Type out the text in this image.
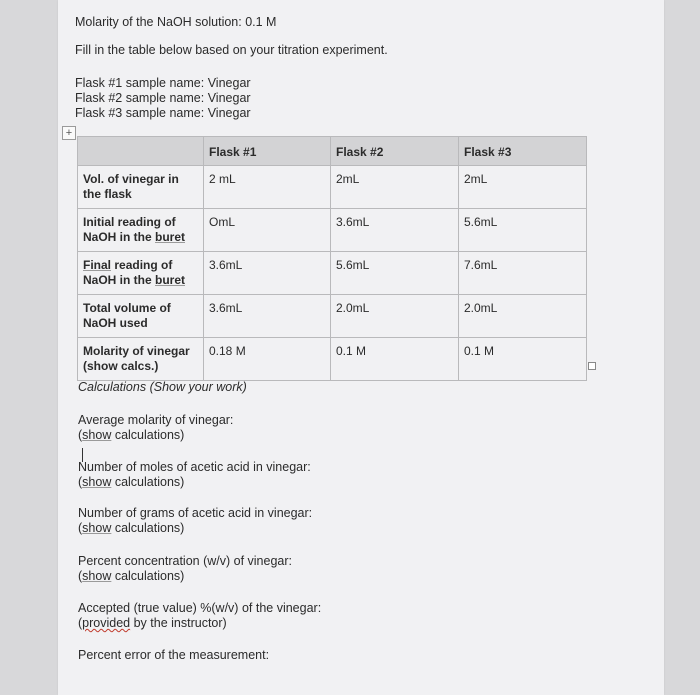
Molarity of the NaOH solution: 0.1 M
Fill in the table below based on your titration experiment.
Flask #1 sample name: Vinegar
Flask #2 sample name: Vinegar
Flask #3 sample name: Vinegar
+
	Flask #1	Flask #2	Flask #3
Vol. of vinegar in
the flask	2 mL	2mL	2mL
Initial reading of
NaOH in the buret	OmL	3.6mL	5.6mL
Final reading of
NaOH in the buret	3.6mL	5.6mL	7.6mL
Total volume of
NaOH used	3.6mL	2.0mL	2.0mL
Molarity of vinegar
(show calcs.)	0.18 M	0.1 M	0.1 M
Calculations (Show your work)
Average molarity of vinegar:
(show calculations)
Number of moles of acetic acid in vinegar:
(show calculations)
Number of grams of acetic acid in vinegar:
(show calculations)
Percent concentration (w/v) of vinegar:
(show calculations)
Accepted (true value) %(w/v) of the vinegar:
(provided by the instructor)
Percent error of the measurement:
